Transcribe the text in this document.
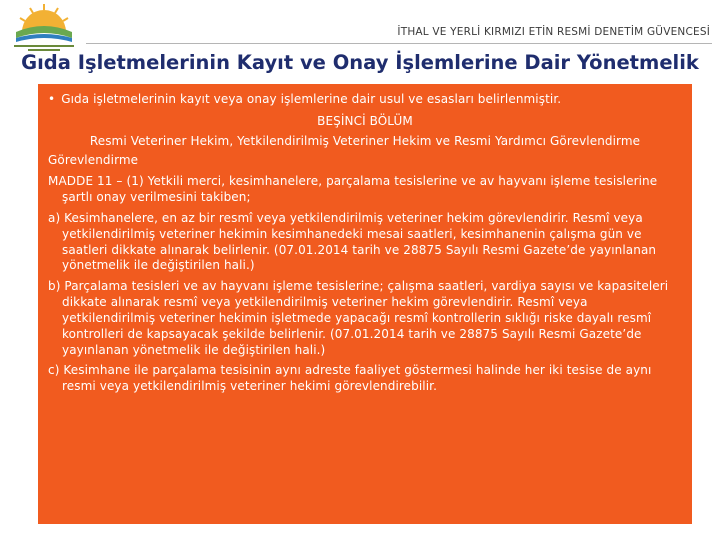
İTHAL VE YERLİ KIRMIZI ETİN RESMİ DENETİM GÜVENCESİ
Gıda Işletmelerinin Kayıt ve Onay İşlemlerine Dair Yönetmelik
• Gıda işletmelerinin kayıt veya onay işlemlerine dair usul ve esasları belirlenmiştir.
BEŞİNCİ BÖLÜM
Resmi Veteriner Hekim, Yetkilendirilmiş Veteriner Hekim ve Resmi Yardımcı Görevlendirme
Görevlendirme
MADDE 11 – (1) Yetkili merci, kesimhanelere, parçalama tesislerine ve av hayvanı işleme tesislerine şartlı onay verilmesini takiben;
a) Kesimhanelere, en az bir resmî veya yetkilendirilmiş veteriner hekim görevlendirir. Resmî veya yetkilendirilmiş veteriner hekimin kesimhanedeki mesai saatleri, kesimhanenin çalışma gün ve saatleri dikkate alınarak belirlenir. (07.01.2014 tarih ve 28875 Sayılı Resmi Gazete’de yayınlanan yönetmelik ile değiştirilen hali.)
b) Parçalama tesisleri ve av hayvanı işleme tesislerine; çalışma saatleri, vardiya sayısı ve kapasiteleri dikkate alınarak resmî veya yetkilendirilmiş veteriner hekim görevlendirir. Resmî veya yetkilendirilmiş veteriner hekimin işletmede yapacağı resmî kontrollerin sıklığı riske dayalı resmî kontrolleri de kapsayacak şekilde belirlenir. (07.01.2014 tarih ve 28875 Sayılı Resmi Gazete’de yayınlanan yönetmelik ile değiştirilen hali.)
c) Kesimhane ile parçalama tesisinin aynı adreste faaliyet göstermesi halinde her iki tesise de aynı resmi veya yetkilendirilmiş veteriner hekimi görevlendirebilir.
